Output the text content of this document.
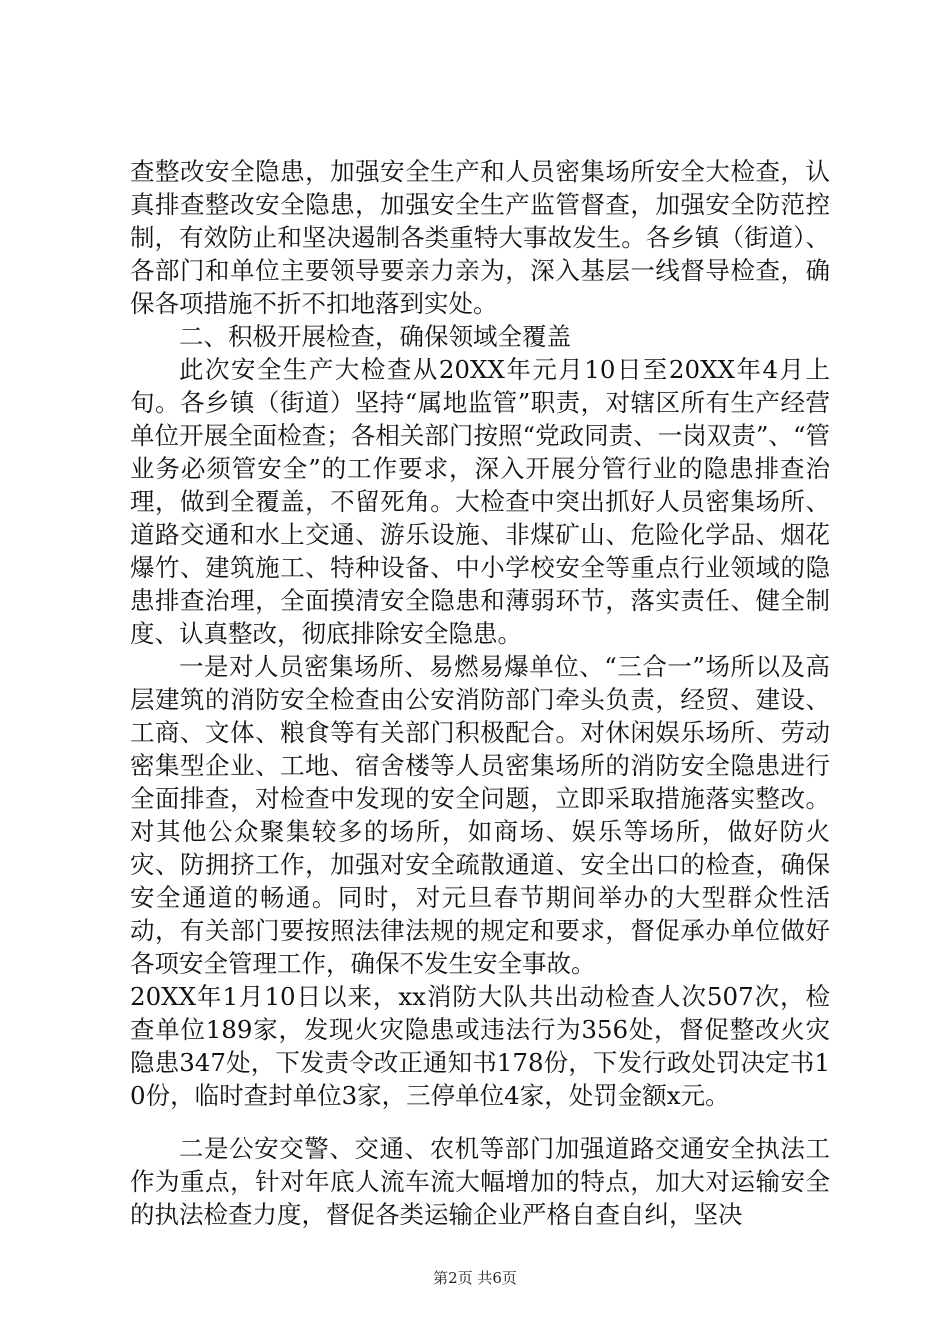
查整改安全隐患，加强安全生产和人员密集场所安全大检查，认真排查整改安全隐患，加强安全生产监管督查，加强安全防范控制，有效防止和坚决遏制各类重特大事故发生。各乡镇（街道）、各部门和单位主要领导要亲力亲为，深入基层一线督导检查，确保各项措施不折不扣地落到实处。

二、积极开展检查，确保领域全覆盖

此次安全生产大检查从20XX年元月10日至20XX年4月上旬。各乡镇（街道）坚持“属地监管”职责，对辖区所有生产经营单位开展全面检查；各相关部门按照“党政同责、一岗双责”、“管业务必须管安全”的工作要求，深入开展分管行业的隐患排查治理，做到全覆盖，不留死角。大检查中突出抓好人员密集场所、道路交通和水上交通、游乐设施、非煤矿山、危险化学品、烟花爆竹、建筑施工、特种设备、中小学校安全等重点行业领域的隐患排查治理，全面摸清安全隐患和薄弱环节，落实责任、健全制度、认真整改，彻底排除安全隐患。

一是对人员密集场所、易燃易爆单位、“三合一”场所以及高层建筑的消防安全检查由公安消防部门牵头负责，经贸、建设、工商、文体、粮食等有关部门积极配合。对休闲娱乐场所、劳动密集型企业、工地、宿舍楼等人员密集场所的消防安全隐患进行全面排查，对检查中发现的安全问题，立即采取措施落实整改。对其他公众聚集较多的场所，如商场、娱乐等场所，做好防火灾、防拥挤工作，加强对安全疏散通道、安全出口的检查，确保安全通道的畅通。同时，对元旦春节期间举办的大型群众性活动，有关部门要按照法律法规的规定和要求，督促承办单位做好各项安全管理工作，确保不发生安全事故。

20XX年1月10日以来，xx消防大队共出动检查人次507次，检查单位189家，发现火灾隐患或违法行为356处，督促整改火灾隐患347处，下发责令改正通知书178份，下发行政处罚决定书10份，临时查封单位3家，三停单位4家，处罚金额x元。

二是公安交警、交通、农机等部门加强道路交通安全执法工作为重点，针对年底人流车流大幅增加的特点，加大对运输安全的执法检查力度，督促各类运输企业严格自查自纠，坚决

第2页 共6页
